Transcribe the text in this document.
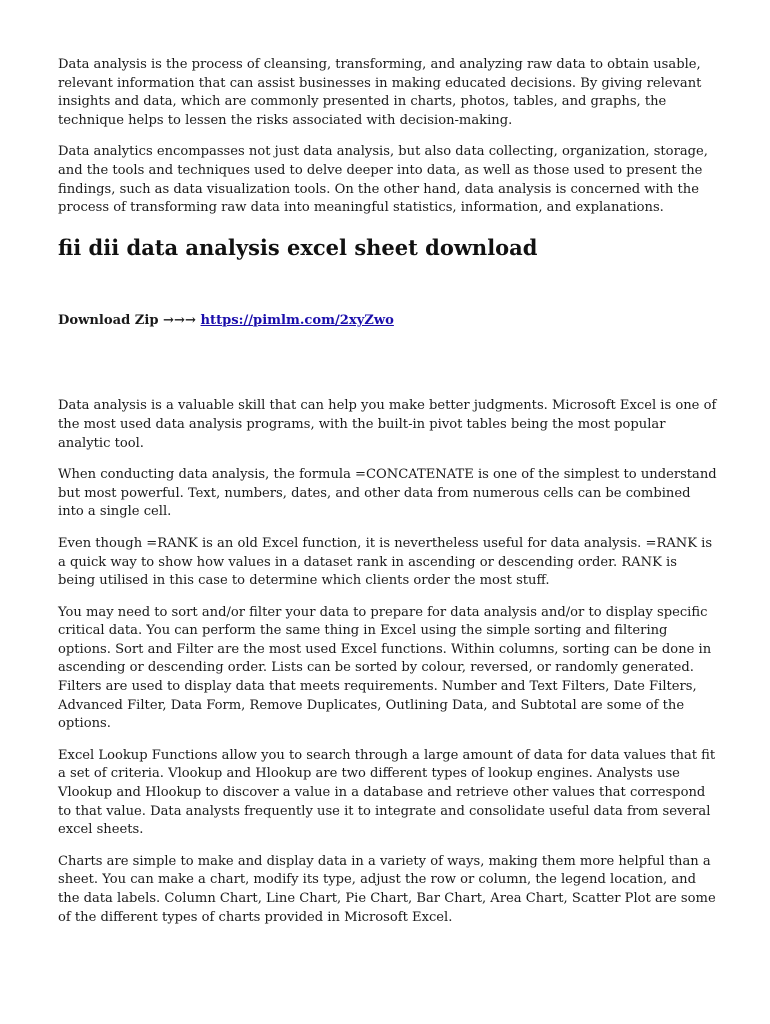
Data analysis is the process of cleansing, transforming, and analyzing raw data to obtain usable, relevant information that can assist businesses in making educated decisions. By giving relevant insights and data, which are commonly presented in charts, photos, tables, and graphs, the technique helps to lessen the risks associated with decision-making.

Data analytics encompasses not just data analysis, but also data collecting, organization, storage, and the tools and techniques used to delve deeper into data, as well as those used to present the findings, such as data visualization tools. On the other hand, data analysis is concerned with the process of transforming raw data into meaningful statistics, information, and explanations.

fii dii data analysis excel sheet download

Download Zip →→→ https://pimlm.com/2xyZwo

Data analysis is a valuable skill that can help you make better judgments. Microsoft Excel is one of the most used data analysis programs, with the built-in pivot tables being the most popular analytic tool.

When conducting data analysis, the formula =CONCATENATE is one of the simplest to understand but most powerful. Text, numbers, dates, and other data from numerous cells can be combined into a single cell.

Even though =RANK is an old Excel function, it is nevertheless useful for data analysis. =RANK is a quick way to show how values in a dataset rank in ascending or descending order. RANK is being utilised in this case to determine which clients order the most stuff.

You may need to sort and/or filter your data to prepare for data analysis and/or to display specific critical data. You can perform the same thing in Excel using the simple sorting and filtering options. Sort and Filter are the most used Excel functions. Within columns, sorting can be done in ascending or descending order. Lists can be sorted by colour, reversed, or randomly generated. Filters are used to display data that meets requirements. Number and Text Filters, Date Filters, Advanced Filter, Data Form, Remove Duplicates, Outlining Data, and Subtotal are some of the options.

Excel Lookup Functions allow you to search through a large amount of data for data values that fit a set of criteria. Vlookup and Hlookup are two different types of lookup engines. Analysts use Vlookup and Hlookup to discover a value in a database and retrieve other values that correspond to that value. Data analysts frequently use it to integrate and consolidate useful data from several excel sheets.

Charts are simple to make and display data in a variety of ways, making them more helpful than a sheet. You can make a chart, modify its type, adjust the row or column, the legend location, and the data labels. Column Chart, Line Chart, Pie Chart, Bar Chart, Area Chart, Scatter Plot are some of the different types of charts provided in Microsoft Excel.
